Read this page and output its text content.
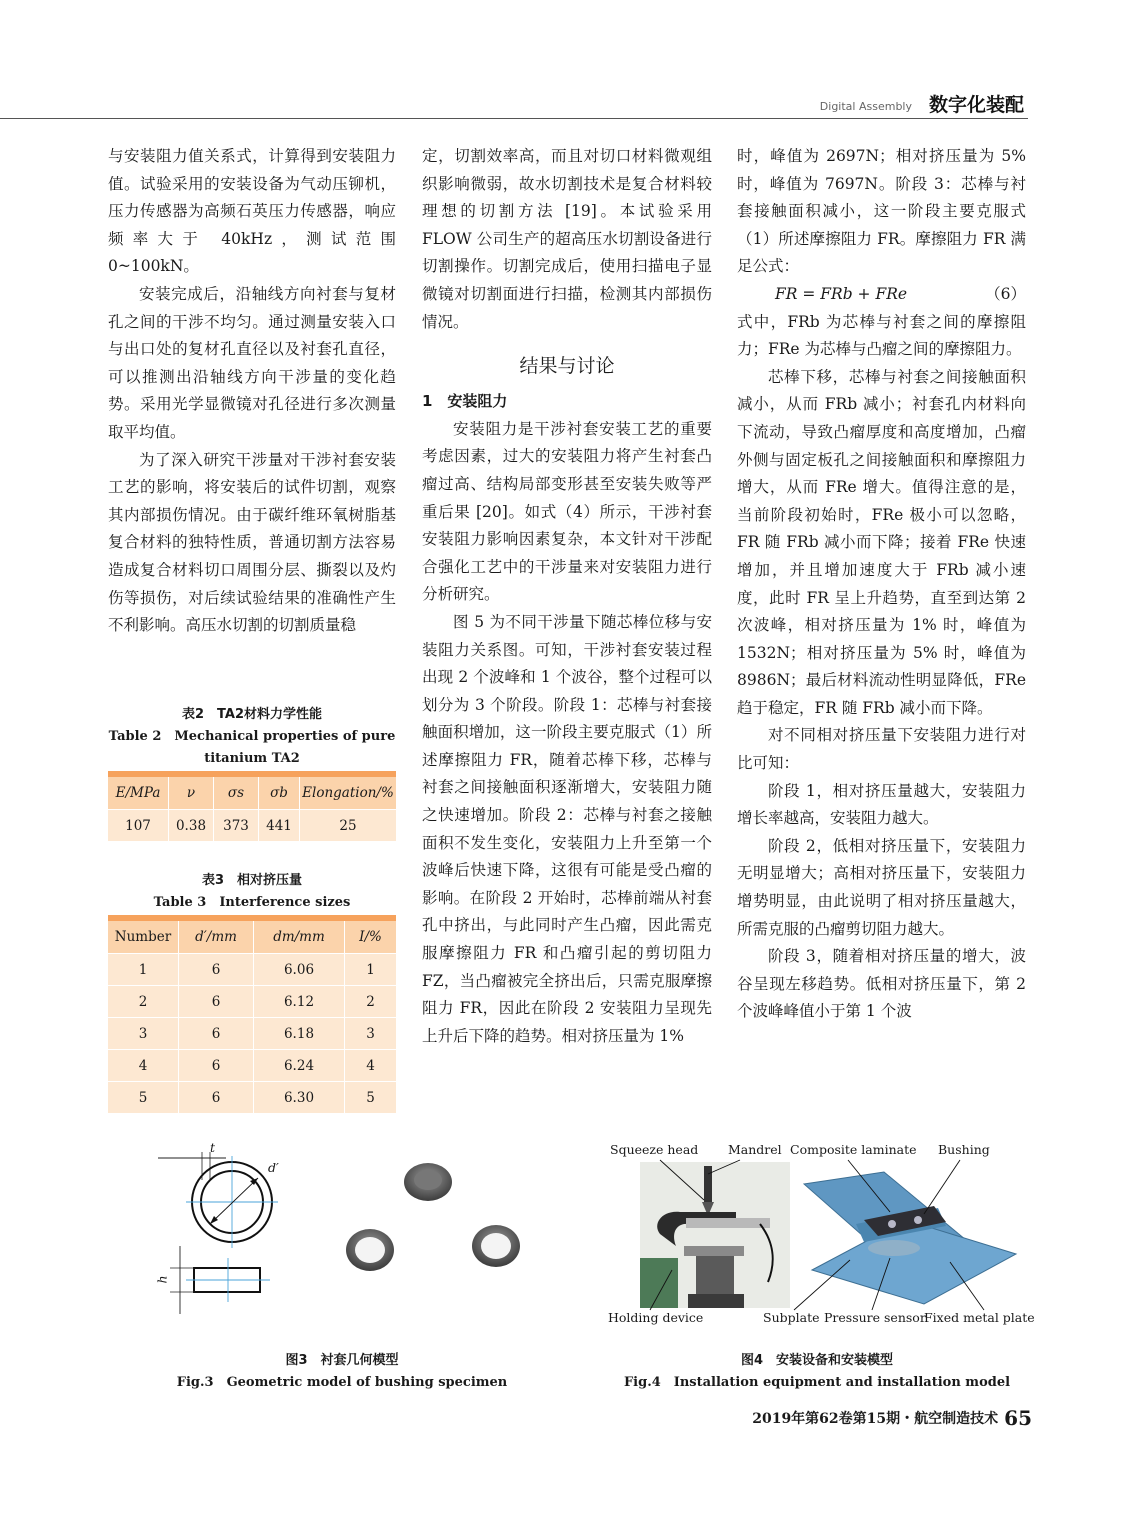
Digital Assembly 数字化装配

与安装阻力值关系式，计算得到安装阻力值。试验采用的安装设备为气动压铆机，压力传感器为高频石英压力传感器，响应频率大于 40kHz，测试范围 0~100kN。

安装完成后，沿轴线方向衬套与复材孔之间的干涉不均匀。通过测量安装入口与出口处的复材孔直径以及衬套孔直径，可以推测出沿轴线方向干涉量的变化趋势。采用光学显微镜对孔径进行多次测量取平均值。

为了深入研究干涉量对干涉衬套安装工艺的影响，将安装后的试件切割，观察其内部损伤情况。由于碳纤维环氧树脂基复合材料的独特性质，普通切割方法容易造成复合材料切口周围分层、撕裂以及灼伤等损伤，对后续试验结果的准确性产生不利影响。高压水切割的切割质量稳

表2　TA2材料力学性能
Table 2　Mechanical properties of pure
titanium TA2

E/MPa	ν	σs	σb	Elongation/%
107	0.38	373	441	25
表3　相对挤压量
Table 3　Interference sizes

Number	d′/mm	dm/mm	I/%
1	6	6.06	1
2	6	6.12	2
3	6	6.18	3
4	6	6.24	4
5	6	6.30	5

定，切割效率高，而且对切口材料微观组织影响微弱，故水切割技术是复合材料较理想的切割方法 [19]。本试验采用 FLOW 公司生产的超高压水切割设备进行切割操作。切割完成后，使用扫描电子显微镜对切割面进行扫描，检测其内部损伤情况。

结果与讨论

1　安装阻力

安装阻力是干涉衬套安装工艺的重要考虑因素，过大的安装阻力将产生衬套凸瘤过高、结构局部变形甚至安装失败等严重后果 [20]。如式（4）所示，干涉衬套安装阻力影响因素复杂，本文针对干涉配合强化工艺中的干涉量来对安装阻力进行分析研究。

图 5 为不同干涉量下随芯棒位移与安装阻力关系图。可知，干涉衬套安装过程出现 2 个波峰和 1 个波谷，整个过程可以划分为 3 个阶段。阶段 1：芯棒与衬套接触面积增加，这一阶段主要克服式（1）所述摩擦阻力 FR，随着芯棒下移，芯棒与衬套之间接触面积逐渐增大，安装阻力随之快速增加。阶段 2：芯棒与衬套之接触面积不发生变化，安装阻力上升至第一个波峰后快速下降，这很有可能是受凸瘤的影响。在阶段 2 开始时，芯棒前端从衬套孔中挤出，与此同时产生凸瘤，因此需克服摩擦阻力 FR 和凸瘤引起的剪切阻力 FZ，当凸瘤被完全挤出后，只需克服摩擦阻力 FR，因此在阶段 2 安装阻力呈现先上升后下降的趋势。相对挤压量为 1%

时，峰值为 2697N；相对挤压量为 5% 时，峰值为 7697N。阶段 3：芯棒与衬套接触面积减小，这一阶段主要克服式（1）所述摩擦阻力 FR。摩擦阻力 FR 满足公式：

FR = FRb + FRe	（6）

式中，FRb 为芯棒与衬套之间的摩擦阻力；FRe 为芯棒与凸瘤之间的摩擦阻力。

芯棒下移，芯棒与衬套之间接触面积减小，从而 FRb 减小；衬套孔内材料向下流动，导致凸瘤厚度和高度增加，凸瘤外侧与固定板孔之间接触面积和摩擦阻力增大，从而 FRe 增大。值得注意的是，当前阶段初始时，FRe 极小可以忽略，FR 随 FRb 减小而下降；接着 FRe 快速增加，并且增加速度大于 FRb 减小速度，此时 FR 呈上升趋势，直至到达第 2 次波峰，相对挤压量为 1% 时，峰值为 1532N；相对挤压量为 5% 时，峰值为 8986N；最后材料流动性明显降低，FRe 趋于稳定，FR 随 FRb 减小而下降。

对不同相对挤压量下安装阻力进行对比可知：

阶段 1，相对挤压量越大，安装阻力增长率越高，安装阻力越大。

阶段 2，低相对挤压量下，安装阻力无明显增大；高相对挤压量下，安装阻力增势明显，由此说明了相对挤压量越大，所需克服的凸瘤剪切阻力越大。

阶段 3，随着相对挤压量的增大，波谷呈现左移趋势。低相对挤压量下，第 2 个波峰峰值小于第 1 个波

t
d′
h
图3　衬套几何模型
Fig.3　Geometric model of bushing specimen
Squeeze head Mandrel Composite laminate Bushing
Holding device	Subplate Pressure sensor
Fixed metal plate
图4　安装设备和安装模型
Fig.4　Installation equipment and installation model
2019年第62卷第15期・航空制造技术 65
